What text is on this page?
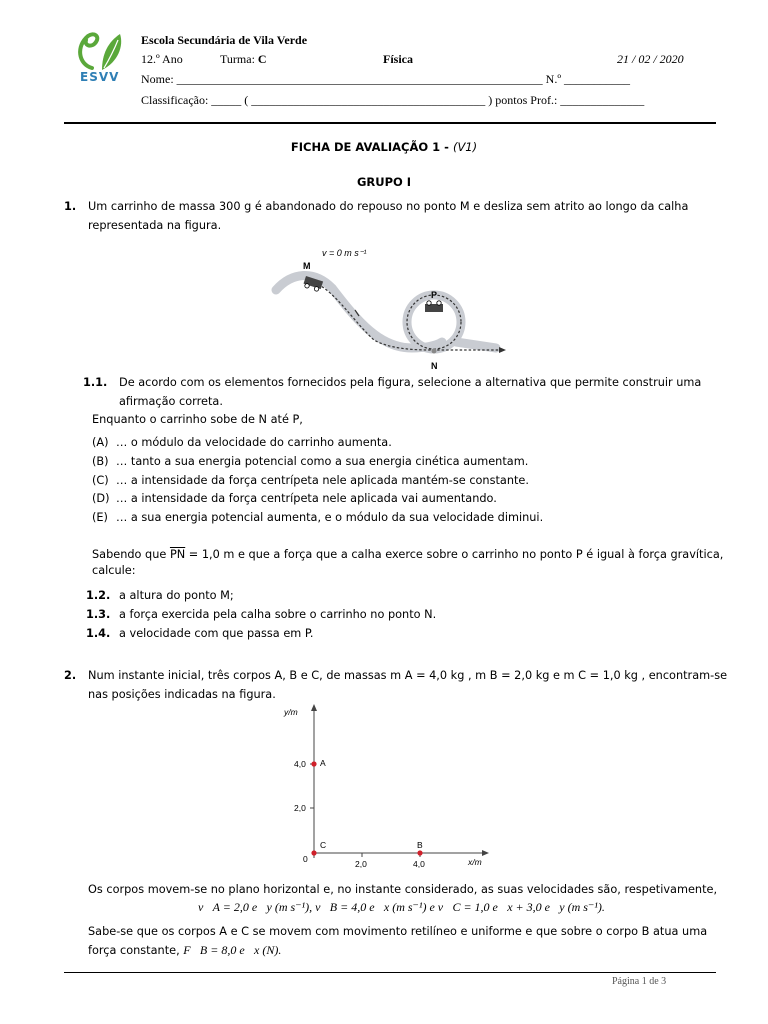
ESVV
Escola Secundária de Vila Verde
12.º Ano	Turma: C	Física	21 / 02 / 2020
Nome: _____________________________________________________________ N.º ___________
Classificação: _____ ( _______________________________________ ) pontos Prof.: ______________
FICHA DE AVALIAÇÃO 1 - (V1)
GRUPO I
1. Um carrinho de massa 300 g é abandonado do repouso no ponto M e desliza sem atrito ao longo da calha representada na figura.
v = 0 m s⁻¹
M
P
N
1.1. De acordo com os elementos fornecidos pela figura, selecione a alternativa que permite construir uma afirmação correta.
Enquanto o carrinho sobe de N até P,
(A) … o módulo da velocidade do carrinho aumenta.
(B) … tanto a sua energia potencial como a sua energia cinética aumentam.
(C) … a intensidade da força centrípeta nele aplicada mantém-se constante.
(D) … a intensidade da força centrípeta nele aplicada vai aumentando.
(E) … a sua energia potencial aumenta, e o módulo da sua velocidade diminui.
Sabendo que $\overline{PN} = 1,0$ m e que a força que a calha exerce sobre o carrinho no ponto P é igual à força gravítica,
calcule:
1.2. a altura do ponto M;
1.3. a força exercida pela calha sobre o carrinho no ponto N.
1.4. a velocidade com que passa em P.
2. Num instante inicial, três corpos A, B e C, de massas m A = 4,0 kg , m B = 2,0 kg e m C = 1,0 kg , encontram-se
nas posições indicadas na figura.
y/m
x/m
0
4,0
2,0
2,0	4,0
A
B
C
Os corpos movem-se no plano horizontal e, no instante considerado, as suas velocidades são, respetivamente,
v⃗A = 2,0 e⃗y (m s⁻¹), v⃗B = 4,0 e⃗x (m s⁻¹) e v⃗C = 1,0 e⃗x + 3,0 e⃗y (m s⁻¹).
Sabe-se que os corpos A e C se movem com movimento retilíneo e uniforme e que sobre o corpo B atua uma
força constante, F⃗B = 8,0 e⃗x (N).
Página 1 de 3
